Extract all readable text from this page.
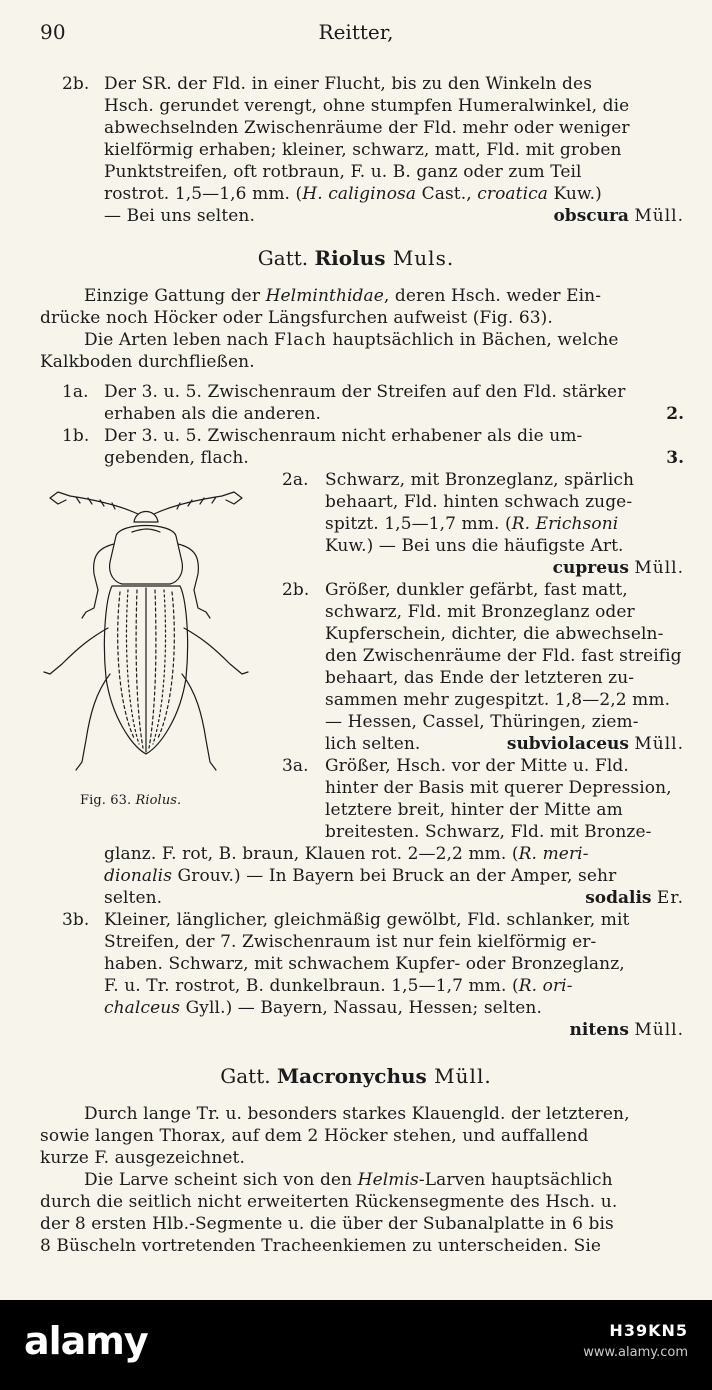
90	Reitter,
2b. Der SR. der Fld. in einer Flucht, bis zu den Winkeln des
Hsch. gerundet verengt, ohne stumpfen Humeralwinkel, die
abwechselnden Zwischenräume der Fld. mehr oder weniger
kielförmig erhaben; kleiner, schwarz, matt, Fld. mit groben
Punktstreifen, oft rotbraun, F. u. B. ganz oder zum Teil
rostrot. 1,5—1,6 mm. (H. caliginosa Cast., croatica Kuw.)
— Bei uns selten.	obscura Müll.
Gatt. Riolus Muls.
Einzige Gattung der Helminthidae, deren Hsch. weder Ein-
drücke noch Höcker oder Längsfurchen aufweist (Fig. 63).
Die Arten leben nach Flach hauptsächlich in Bächen, welche
Kalkboden durchfließen.
1a. Der 3. u. 5. Zwischenraum der Streifen auf den Fld. stärker
erhaben als die anderen.	2.
1b. Der 3. u. 5. Zwischenraum nicht erhabener als die um-
gebenden, flach.	3.
Fig. 63. Riolus.
2a. Schwarz, mit Bronzeglanz, spärlich
behaart, Fld. hinten schwach zuge-
spitzt. 1,5—1,7 mm. (R. Erichsoni
Kuw.) — Bei uns die häufigste Art.
cupreus Müll.
2b. Größer, dunkler gefärbt, fast matt,
schwarz, Fld. mit Bronzeglanz oder
Kupferschein, dichter, die abwechseln-
den Zwischenräume der Fld. fast streifig
behaart, das Ende der letzteren zu-
sammen mehr zugespitzt. 1,8—2,2 mm.
— Hessen, Cassel, Thüringen, ziem-
lich selten.	subviolaceus Müll.
3a. Größer, Hsch. vor der Mitte u. Fld.
hinter der Basis mit querer Depression,
letztere breit, hinter der Mitte am
breitesten. Schwarz, Fld. mit Bronze-
glanz. F. rot, B. braun, Klauen rot. 2—2,2 mm. (R. meri-
dionalis Grouv.) — In Bayern bei Bruck an der Amper, sehr
selten.	sodalis Er.
3b. Kleiner, länglicher, gleichmäßig gewölbt, Fld. schlanker, mit
Streifen, der 7. Zwischenraum ist nur fein kielförmig er-
haben. Schwarz, mit schwachem Kupfer- oder Bronzeglanz,
F. u. Tr. rostrot, B. dunkelbraun. 1,5—1,7 mm. (R. ori-
chalceus Gyll.) — Bayern, Nassau, Hessen; selten.
nitens Müll.
Gatt. Macronychus Müll.
Durch lange Tr. u. besonders starkes Klauengld. der letzteren,
sowie langen Thorax, auf dem 2 Höcker stehen, und auffallend
kurze F. ausgezeichnet.
Die Larve scheint sich von den Helmis-Larven hauptsächlich
durch die seitlich nicht erweiterten Rückensegmente des Hsch. u.
der 8 ersten Hlb.-Segmente u. die über der Subanalplatte in 6 bis
8 Büscheln vortretenden Tracheenkiemen zu unterscheiden. Sie
alamy	H39KN5
www.alamy.com
